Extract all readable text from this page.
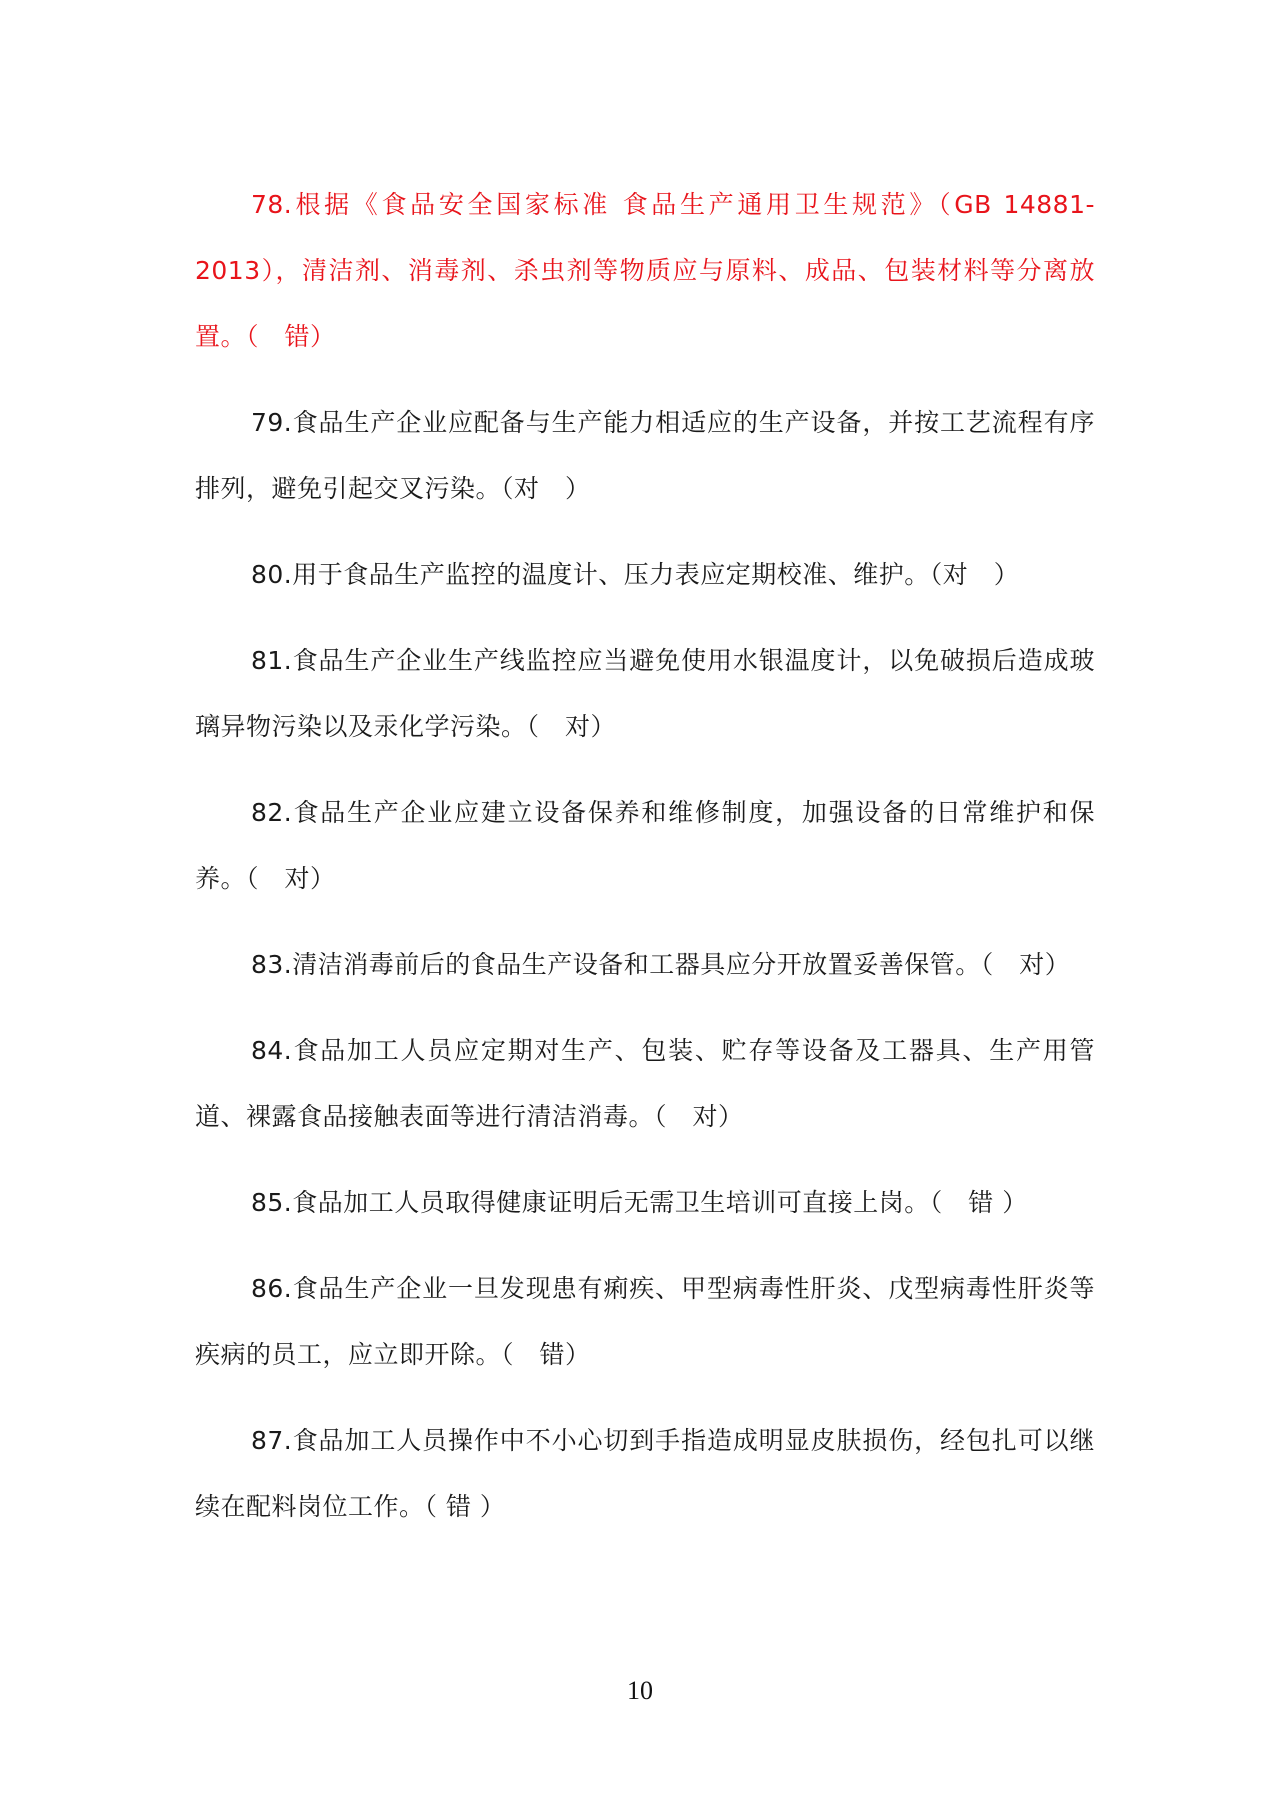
78.根据《食品安全国家标准 食品生产通用卫生规范》（GB 14881-2013），清洁剂、消毒剂、杀虫剂等物质应与原料、成品、包装材料等分离放置。（　错）

79.食品生产企业应配备与生产能力相适应的生产设备，并按工艺流程有序排列，避免引起交叉污染。（对　）

80.用于食品生产监控的温度计、压力表应定期校准、维护。（对　）

81.食品生产企业生产线监控应当避免使用水银温度计，以免破损后造成玻璃异物污染以及汞化学污染。（　对）

82.食品生产企业应建立设备保养和维修制度，加强设备的日常维护和保养。（　对）

83.清洁消毒前后的食品生产设备和工器具应分开放置妥善保管。（　对）

84.食品加工人员应定期对生产、包装、贮存等设备及工器具、生产用管道、裸露食品接触表面等进行清洁消毒。（　对）

85.食品加工人员取得健康证明后无需卫生培训可直接上岗。（　错 ）

86.食品生产企业一旦发现患有痢疾、甲型病毒性肝炎、戊型病毒性肝炎等疾病的员工，应立即开除。（　错）

87.食品加工人员操作中不小心切到手指造成明显皮肤损伤，经包扎可以继续在配料岗位工作。（ 错 ）

10
